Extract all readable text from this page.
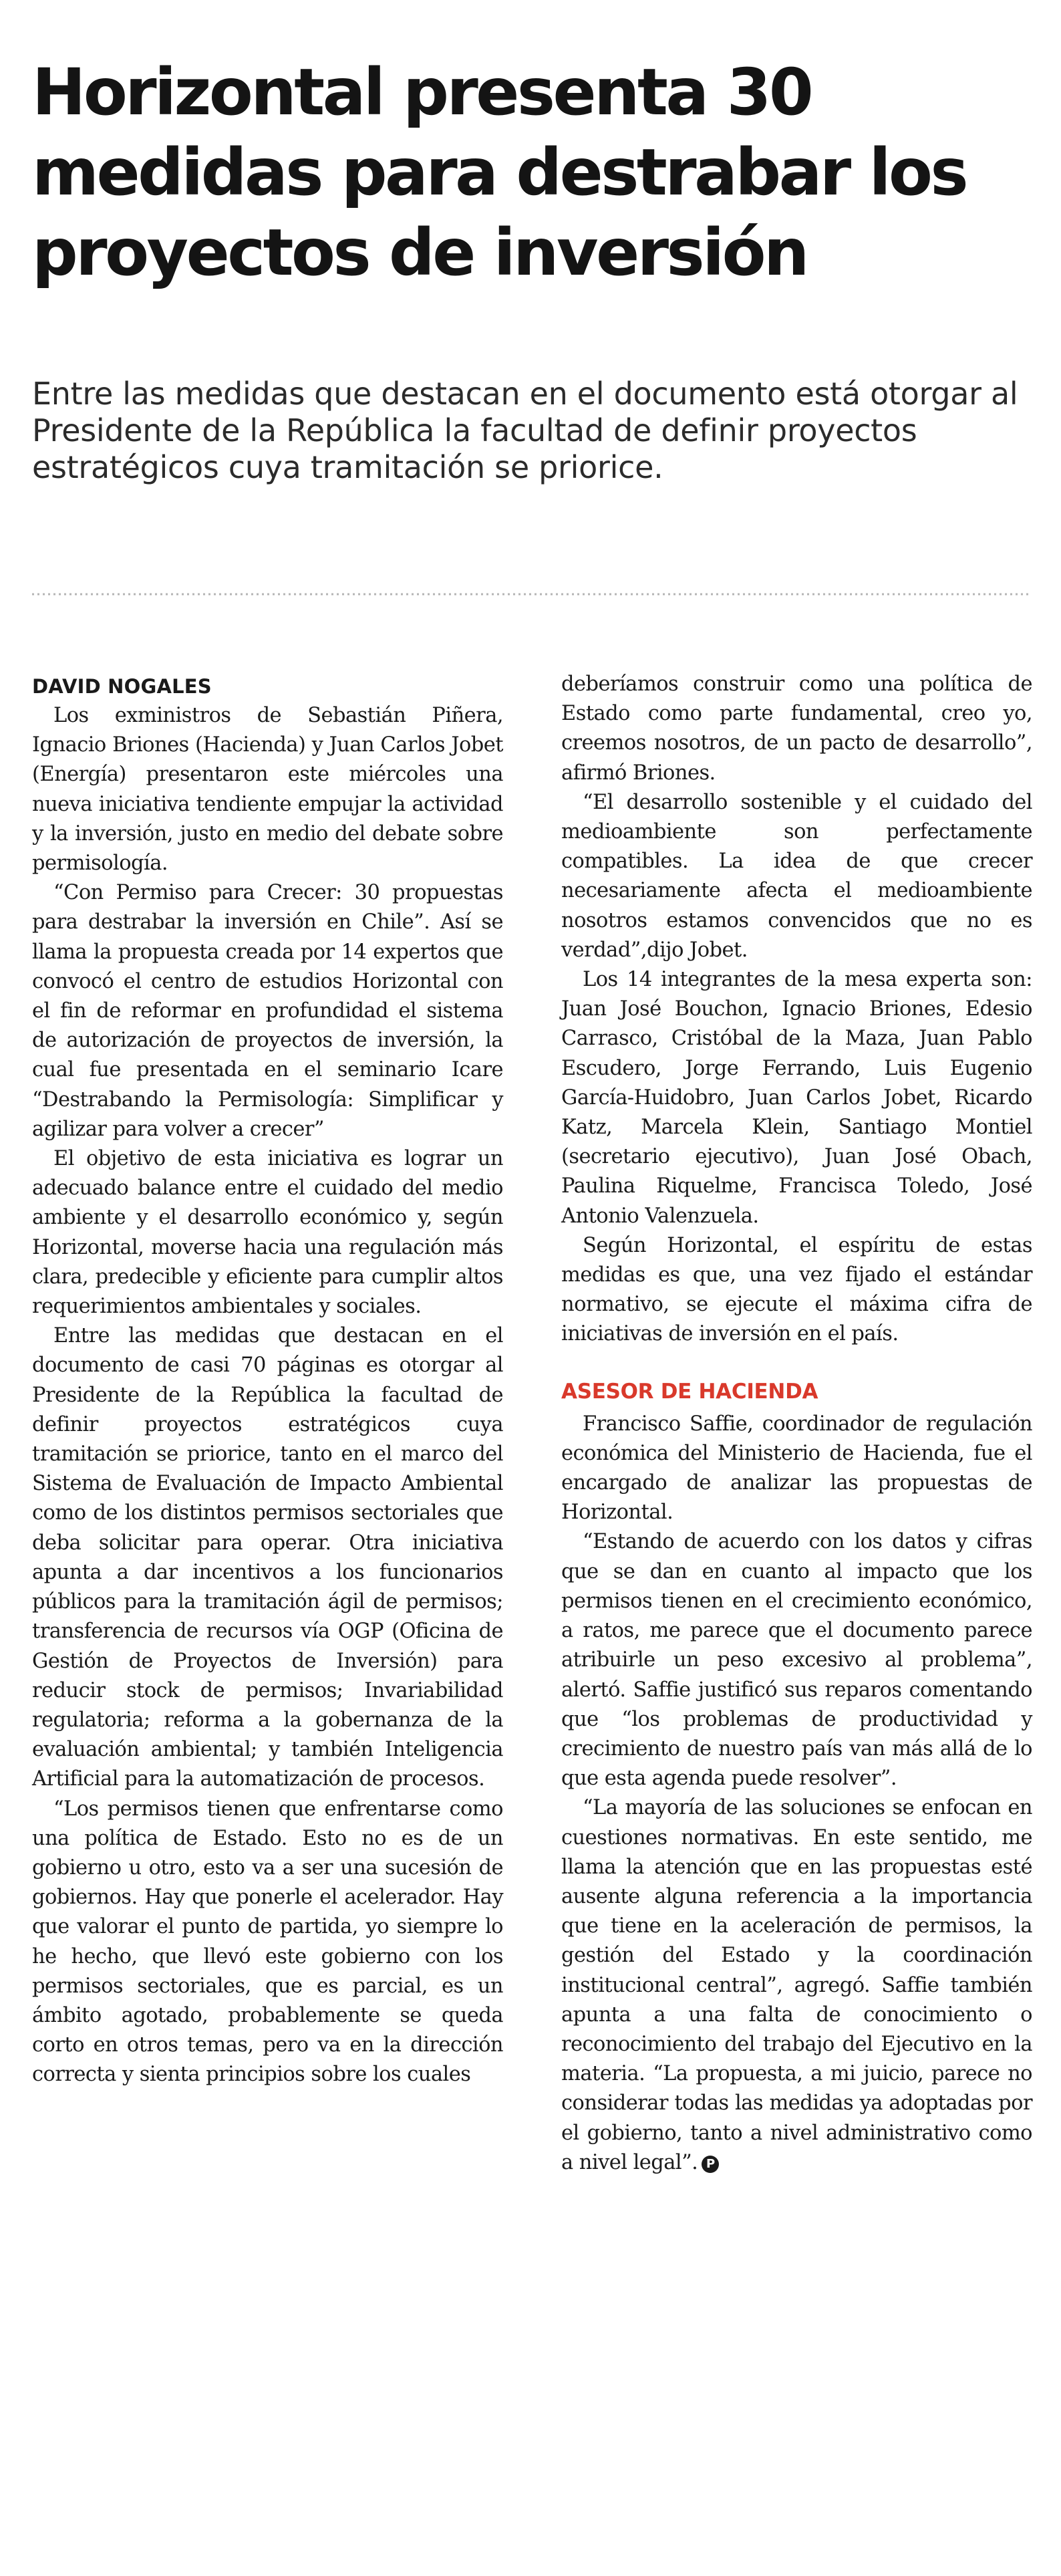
Horizontal presenta 30 medidas para destrabar los proyectos de inversión

Entre las medidas que destacan en el documento está otorgar al Presidente de la República la facultad de definir proyectos estratégicos cuya tramitación se priorice.

DAVID NOGALES

Los exministros de Sebastián Piñera, Ignacio Briones (Hacienda) y Juan Carlos Jobet (Energía) presentaron este miércoles una nueva iniciativa tendiente empujar la actividad y la inversión, justo en medio del debate sobre permisología.

“Con Permiso para Crecer: 30 propuestas para destrabar la inversión en Chile”. Así se llama la propuesta creada por 14 expertos que convocó el centro de estudios Horizontal con el fin de reformar en profundidad el sistema de autorización de proyectos de inversión, la cual fue presentada en el seminario Icare “Destrabando la Permisología: Simplificar y agilizar para volver a crecer”

El objetivo de esta iniciativa es lograr un adecuado balance entre el cuidado del medio ambiente y el desarrollo económico y, según Horizontal, moverse hacia una regulación más clara, predecible y eficiente para cumplir altos requerimientos ambientales y sociales.

Entre las medidas que destacan en el documento de casi 70 páginas es otorgar al Presidente de la República la facultad de definir proyectos estratégicos cuya tramitación se priorice, tanto en el marco del Sistema de Evaluación de Impacto Ambiental como de los distintos permisos sectoriales que deba solicitar para operar. Otra iniciativa apunta a dar incentivos a los funcionarios públicos para la tramitación ágil de permisos; transferencia de recursos vía OGP (Oficina de Gestión de Proyectos de Inversión) para reducir stock de permisos; Invariabilidad regulatoria; reforma a la gobernanza de la evaluación ambiental; y también Inteligencia Artificial para la automatización de procesos.

“Los permisos tienen que enfrentarse como una política de Estado. Esto no es de un gobierno u otro, esto va a ser una sucesión de gobiernos. Hay que ponerle el acelerador. Hay que valorar el punto de partida, yo siempre lo he hecho, que llevó este gobierno con los permisos sectoriales, que es parcial, es un ámbito agotado, probablemente se queda corto en otros temas, pero va en la dirección correcta y sienta principios sobre los cuales

deberíamos construir como una política de Estado como parte fundamental, creo yo, creemos nosotros, de un pacto de desarrollo”, afirmó Briones.

“El desarrollo sostenible y el cuidado del medioambiente son perfectamente compatibles. La idea de que crecer necesariamente afecta el medioambiente nosotros estamos convencidos que no es verdad”,dijo Jobet.

Los 14 integrantes de la mesa experta son: Juan José Bouchon, Ignacio Briones, Edesio Carrasco, Cristóbal de la Maza, Juan Pablo Escudero, Jorge Ferrando, Luis Eugenio García-Huidobro, Juan Carlos Jobet, Ricardo Katz, Marcela Klein, Santiago Montiel (secretario ejecutivo), Juan José Obach, Paulina Riquelme, Francisca Toledo, José Antonio Valenzuela.

Según Horizontal, el espíritu de estas medidas es que, una vez fijado el estándar normativo, se ejecute el máxima cifra de iniciativas de inversión en el país.

ASESOR DE HACIENDA

Francisco Saffie, coordinador de regulación económica del Ministerio de Hacienda, fue el encargado de analizar las propuestas de Horizontal.

“Estando de acuerdo con los datos y cifras que se dan en cuanto al impacto que los permisos tienen en el crecimiento económico, a ratos, me parece que el documento parece atribuirle un peso excesivo al problema”, alertó. Saffie justificó sus reparos comentando que “los problemas de productividad y crecimiento de nuestro país van más allá de lo que esta agenda puede resolver”.

“La mayoría de las soluciones se enfocan en cuestiones normativas. En este sentido, me llama la atención que en las propuestas esté ausente alguna referencia a la importancia que tiene en la aceleración de permisos, la gestión del Estado y la coordinación institucional central”, agregó. Saffie también apunta a una falta de conocimiento o reconocimiento del trabajo del Ejecutivo en la materia. “La propuesta, a mi juicio, parece no considerar todas las medidas ya adoptadas por el gobierno, tanto a nivel administrativo como a nivel legal”. P
